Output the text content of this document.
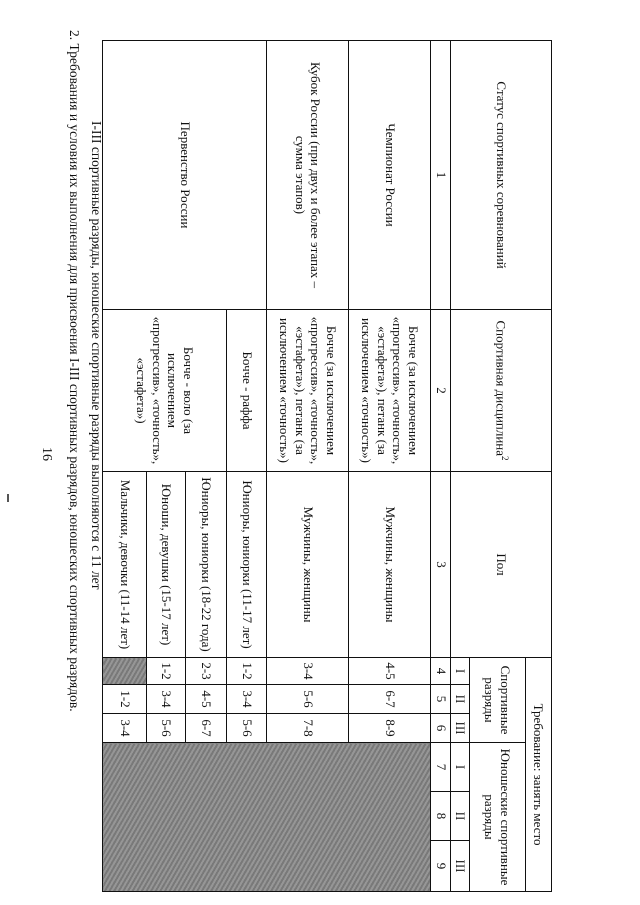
16 2. Требования и условия их выполнения для присвоения I-III спортивных разрядов, юношеских спортивных разрядов. I-III спортивные разряды, юношеские спортивные разряды выполняются с 11 лет	Статус спортивных соревнований	Спортивная дисциплина$^2$	Пол	Требование: занять место					
			Спортивные разряды			Юношеские спортивные разряды		
			I	II	III	I	II	III
1	2	3	4	5	6	7	8	9
Чемпионат России	Бочче (за исключением «прогрессив», «точность», «эстафета»), петанк (за исключением «точность»)	Мужчины, женщины	4-5	6-7	8-9			
Кубок России (при двух и более этапах – сумма этапов)	Бочче (за исключением «прогрессив», «точность», «эстафета»), петанк (за исключением «точность»)	Мужчины, женщины	3-4	5-6	7-8			
Первенство России	Бочче - раффа	Юниоры, юниорки (11-17 лет)	1-2	3-4	5-6			
	Бочче - воло (за исключением «прогрессив», «точность», «эстафета»)	Юниоры, юниорки (18-22 года)	2-3	4-5	6-7			
		Юноши, девушки (15-17 лет)	1-2	3-4	5-6			
		Мальчики, девочки (11-14 лет)		1-2	3-4			
